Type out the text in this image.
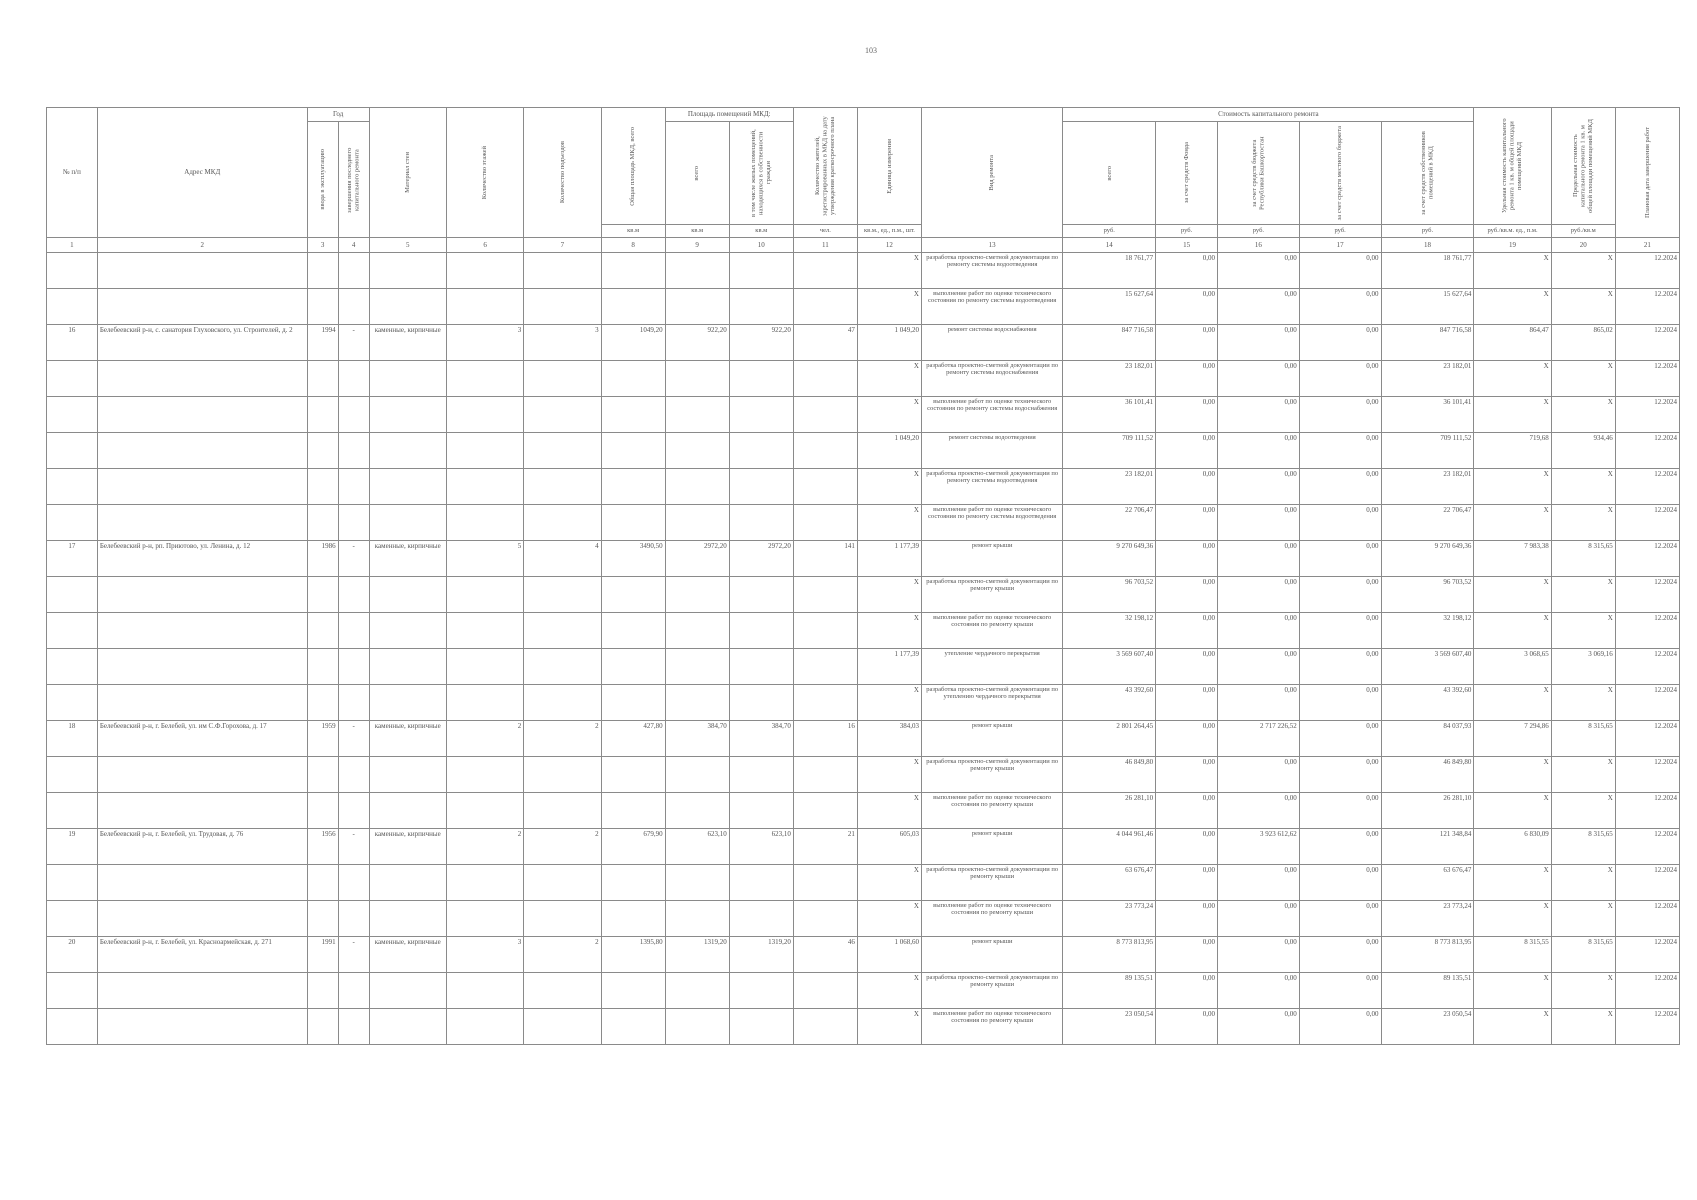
103
№ п/п	Адрес МКД	Год		Материал стен	Количество этажей	Количество подъездов	Общая площадь МКД, всего	Площадь помещений МКД:		Количество жителей, зарегистрированных в МКД на дату утверждения краткосрочного плана	Единица измерения	Вид ремонта	Стоимость капитального ремонта					Удельная стоимость капитального ремонта 1 кв. м общей площади помещений МКД	Предельная стоимость капитального ремонта 1 кв. м общей площади помещений МКД	Плановая дата завершения работ

		ввода в эксплуатацию	завершения последнего капитального ремонта					всего	в том числе жилых помещений, находящихся в собственности граждан				всего	за счет средств Фонда	за счет средств бюджета Республики Башкортостан	за счет средств местного бюджета	за счет средств собственников помещений в МКД			

							кв.м	кв.м	кв.м	чел.	кв.м., ед., п.м., шт.		руб.	руб.	руб.	руб.	руб.	руб./кв.м. ед., п.м.	руб./кв.м	
1	2	3	4	5	6	7	8	9	10	11	12	13	14	15	16	17	18	19	20	21
											X	разработка проектно-сметной документации по ремонту системы водоотведения	18 761,77	0,00	0,00	0,00	18 761,77	X	X	12.2024
											X	выполнение работ по оценке технического состояния по ремонту системы водоотведения	15 627,64	0,00	0,00	0,00	15 627,64	X	X	12.2024
16	Белебеевский р-н, с. санатория Глуховского, ул. Строителей, д. 2	1994	-	каменные, кирпичные	3	3	1049,20	922,20	922,20	47	1 049,20	ремонт системы водоснабжения	847 716,58	0,00	0,00	0,00	847 716,58	864,47	865,02	12.2024
											X	разработка проектно-сметной документации по ремонту системы водоснабжения	23 182,01	0,00	0,00	0,00	23 182,01	X	X	12.2024
											X	выполнение работ по оценке технического состояния по ремонту системы водоснабжения	36 101,41	0,00	0,00	0,00	36 101,41	X	X	12.2024
											1 049,20	ремонт системы водоотведения	709 111,52	0,00	0,00	0,00	709 111,52	719,68	934,46	12.2024
											X	разработка проектно-сметной документации по ремонту системы водоотведения	23 182,01	0,00	0,00	0,00	23 182,01	X	X	12.2024
											X	выполнение работ по оценке технического состояния по ремонту системы водоотведения	22 706,47	0,00	0,00	0,00	22 706,47	X	X	12.2024
17	Белебеевский р-н, рп. Приютово, ул. Ленина, д. 12	1986	-	каменные, кирпичные	5	4	3490,50	2972,20	2972,20	141	1 177,39	ремонт крыши	9 270 649,36	0,00	0,00	0,00	9 270 649,36	7 983,38	8 315,65	12.2024
											X	разработка проектно-сметной документации по ремонту крыши	96 703,52	0,00	0,00	0,00	96 703,52	X	X	12.2024
											X	выполнение работ по оценке технического состояния по ремонту крыши	32 198,12	0,00	0,00	0,00	32 198,12	X	X	12.2024
											1 177,39	утепление чердачного перекрытия	3 569 607,40	0,00	0,00	0,00	3 569 607,40	3 068,65	3 069,16	12.2024
											X	разработка проектно-сметной документации по утеплению чердачного перекрытия	43 392,60	0,00	0,00	0,00	43 392,60	X	X	12.2024
18	Белебеевский р-н, г. Белебей, ул. им С.Ф.Горохова, д. 17	1959	-	каменные, кирпичные	2	2	427,80	384,70	384,70	16	384,03	ремонт крыши	2 801 264,45	0,00	2 717 226,52	0,00	84 037,93	7 294,86	8 315,65	12.2024
											X	разработка проектно-сметной документации по ремонту крыши	46 849,80	0,00	0,00	0,00	46 849,80	X	X	12.2024
											X	выполнение работ по оценке технического состояния по ремонту крыши	26 281,10	0,00	0,00	0,00	26 281,10	X	X	12.2024
19	Белебеевский р-н, г. Белебей, ул. Трудовая, д. 76	1956	-	каменные, кирпичные	2	2	679,90	623,10	623,10	21	605,03	ремонт крыши	4 044 961,46	0,00	3 923 612,62	0,00	121 348,84	6 830,09	8 315,65	12.2024
											X	разработка проектно-сметной документации по ремонту крыши	63 676,47	0,00	0,00	0,00	63 676,47	X	X	12.2024
											X	выполнение работ по оценке технического состояния по ремонту крыши	23 773,24	0,00	0,00	0,00	23 773,24	X	X	12.2024
20	Белебеевский р-н, г. Белебей, ул. Красноармейская, д. 271	1991	-	каменные, кирпичные	3	2	1395,80	1319,20	1319,20	46	1 068,60	ремонт крыши	8 773 813,95	0,00	0,00	0,00	8 773 813,95	8 315,55	8 315,65	12.2024
											X	разработка проектно-сметной документации по ремонту крыши	89 135,51	0,00	0,00	0,00	89 135,51	X	X	12.2024
											X	выполнение работ по оценке технического состояния по ремонту крыши	23 050,54	0,00	0,00	0,00	23 050,54	X	X	12.2024
